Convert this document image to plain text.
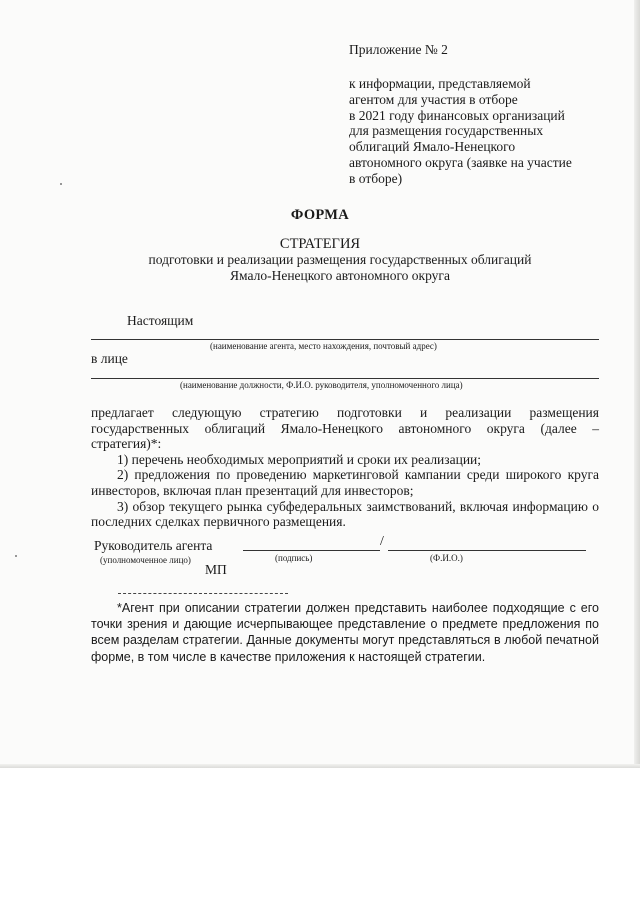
Приложение № 2
к информации, представляемой
агентом для участия в отборе
в 2021 году финансовых организаций
для размещения государственных
облигаций Ямало-Ненецкого
автономного округа (заявке на участие
в отборе)
ФОРМА
СТРАТЕГИЯ
подготовки и реализации размещения государственных облигаций
Ямало-Ненецкого автономного округа
Настоящим
(наименование агента, место нахождения, почтовый адрес)
в лице
(наименование должности, Ф.И.О. руководителя, уполномоченного лица)

предлагает следующую стратегию подготовки и реализации размещения государственных облигаций Ямало-Ненецкого автономного округа (далее – стратегия)*:

1) перечень необходимых мероприятий и сроки их реализации;

2) предложения по проведению маркетинговой кампании среди широкого круга инвесторов, включая план презентаций для инвесторов;

3) обзор текущего рынка субфедеральных заимствований, включая информацию о последних сделках первичного размещения.

Руководитель агента	/
(уполномоченное лицо)	(подпись)	(Ф.И.О.)
МП
*Агент при описании стратегии должен представить наиболее подходящие с его точки зрения и дающие исчерпывающее представление о предмете предложения по всем разделам стратегии. Данные документы могут представляться в любой печатной форме, в том числе в качестве приложения к настоящей стратегии.
